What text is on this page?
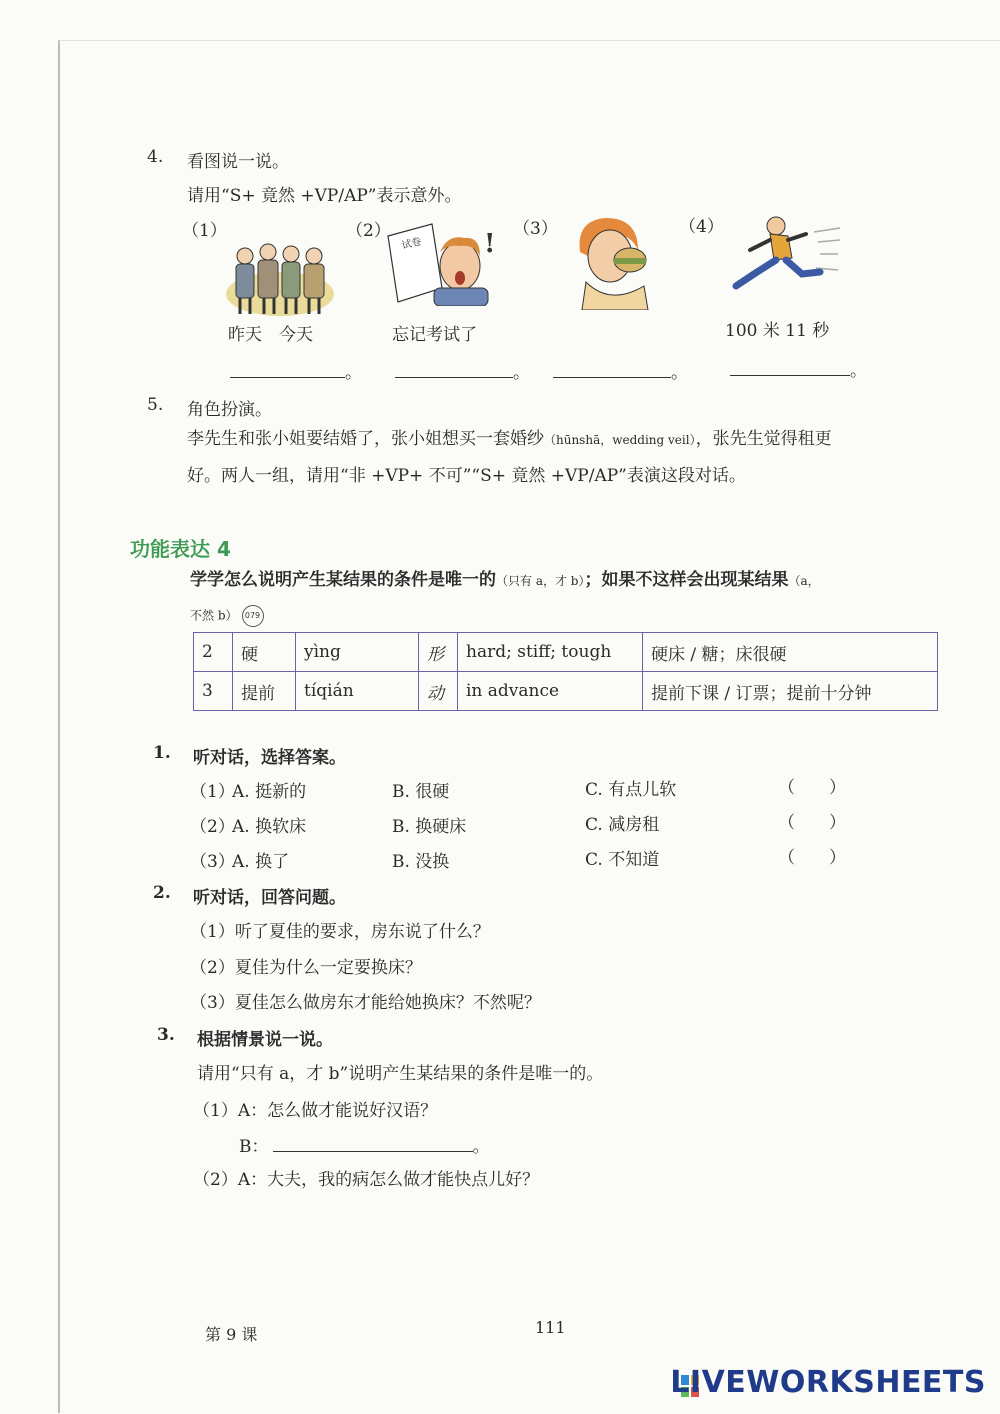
4. 看图说一说。
请用“S+ 竟然 +VP/AP”表示意外。
（1）	（2）	（3）	（4）
试卷 !
昨天　今天	忘记考试了	100 米 11 秒
。	。	。	。
5. 角色扮演。
李先生和张小姐要结婚了，张小姐想买一套婚纱（hūnshā，wedding veil），张先生觉得租更
好。两人一组，请用“非 +VP+ 不可”“S+ 竟然 +VP/AP”表演这段对话。
功能表达 4
学学怎么说明产生某结果的条件是唯一的（只有 a，才 b）；如果不这样会出现某结果（a，
不然 b） 079
2	硬	yìng	形	hard; stiff; tough	硬床 / 糖；床很硬
3	提前	tíqián	动	in advance	提前下课 / 订票；提前十分钟
1. 听对话，选择答案。
（1）
A. 挺新的	B. 很硬	C. 有点儿软	（　　）
（2）
A. 换软床	B. 换硬床	C. 减房租	（　　）
（3）
A. 换了	B. 没换	C. 不知道	（　　）
2. 听对话，回答问题。
（1）听了夏佳的要求，房东说了什么？
（2）夏佳为什么一定要换床？
（3）夏佳怎么做房东才能给她换床？不然呢？
3. 根据情景说一说。
请用“只有 a，才 b”说明产生某结果的条件是唯一的。
（1）A：怎么做才能说好汉语？
B：	。
（2）A：大夫，我的病怎么做才能快点儿好？
第 9 课	111
LIVEWORKSHEETS
